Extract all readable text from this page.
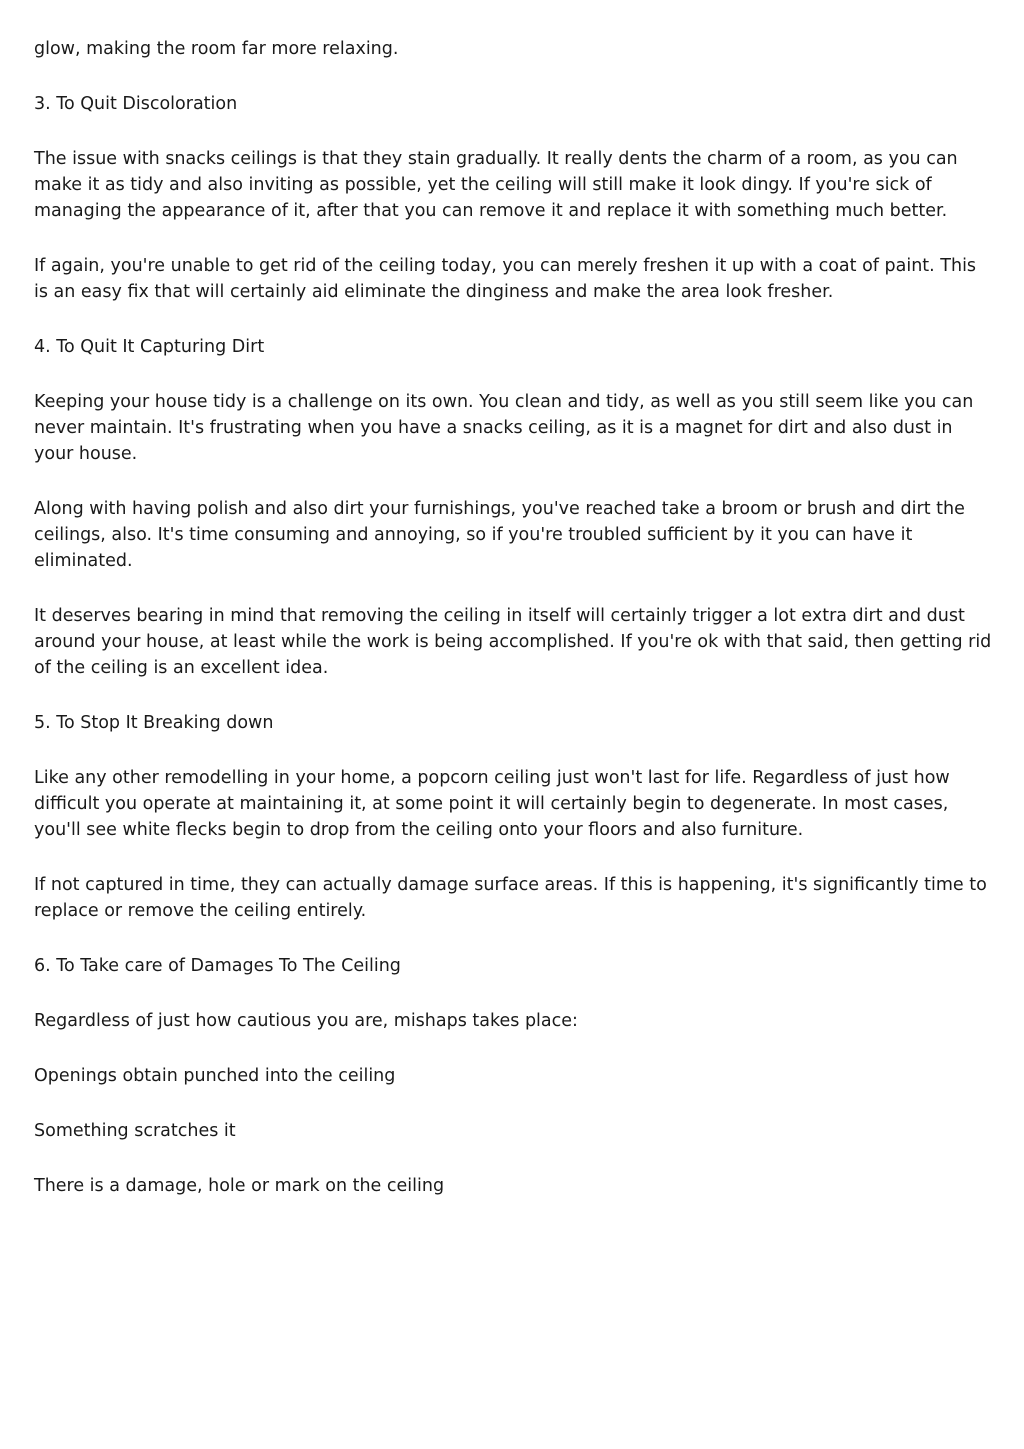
glow, making the room far more relaxing.

3. To Quit Discoloration

The issue with snacks ceilings is that they stain gradually. It really dents the charm of a room, as you can make it as tidy and also inviting as possible, yet the ceiling will still make it look dingy. If you're sick of managing the appearance of it, after that you can remove it and replace it with something much better.

If again, you're unable to get rid of the ceiling today, you can merely freshen it up with a coat of paint. This is an easy fix that will certainly aid eliminate the dinginess and make the area look fresher.

4. To Quit It Capturing Dirt

Keeping your house tidy is a challenge on its own. You clean and tidy, as well as you still seem like you can never maintain. It's frustrating when you have a snacks ceiling, as it is a magnet for dirt and also dust in your house.

Along with having polish and also dirt your furnishings, you've reached take a broom or brush and dirt the ceilings, also. It's time consuming and annoying, so if you're troubled sufficient by it you can have it eliminated.

It deserves bearing in mind that removing the ceiling in itself will certainly trigger a lot extra dirt and dust around your house, at least while the work is being accomplished. If you're ok with that said, then getting rid of the ceiling is an excellent idea.

5. To Stop It Breaking down

Like any other remodelling in your home, a popcorn ceiling just won't last for life. Regardless of just how difficult you operate at maintaining it, at some point it will certainly begin to degenerate. In most cases, you'll see white flecks begin to drop from the ceiling onto your floors and also furniture.

If not captured in time, they can actually damage surface areas. If this is happening, it's significantly time to replace or remove the ceiling entirely.

6. To Take care of Damages To The Ceiling

Regardless of just how cautious you are, mishaps takes place:

Openings obtain punched into the ceiling

Something scratches it

There is a damage, hole or mark on the ceiling
